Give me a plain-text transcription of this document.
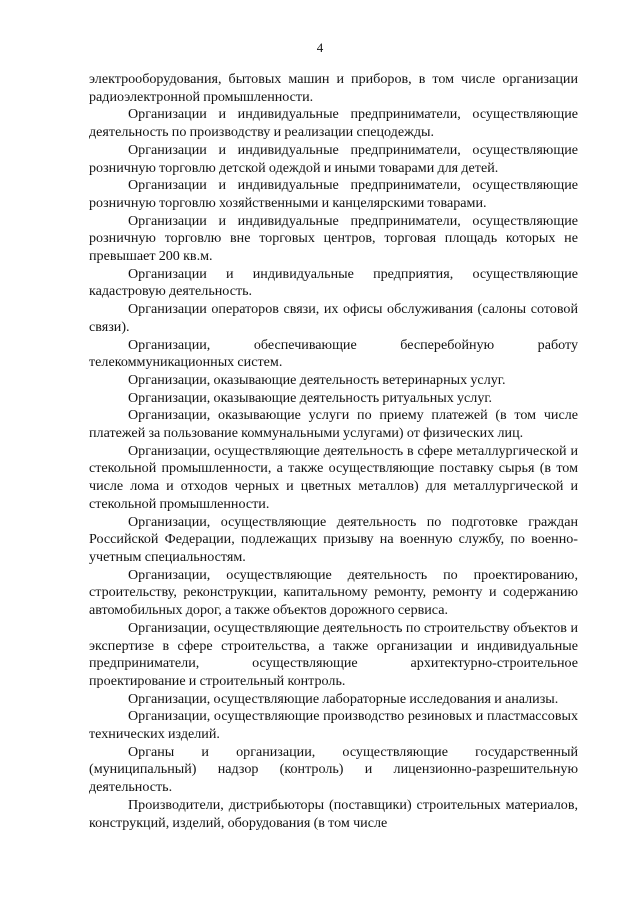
4

электрооборудования, бытовых машин и приборов, в том числе организации радиоэлектронной промышленности.

Организации и индивидуальные предприниматели, осуществляющие деятельность по производству и реализации спецодежды.

Организации и индивидуальные предприниматели, осуществляющие розничную торговлю детской одеждой и иными товарами для детей.

Организации и индивидуальные предприниматели, осуществляющие розничную торговлю хозяйственными и канцелярскими товарами.

Организации и индивидуальные предприниматели, осуществляющие розничную торговлю вне торговых центров, торговая площадь которых не превышает 200 кв.м.

Организации и индивидуальные предприятия, осуществляющие кадастровую деятельность.

Организации операторов связи, их офисы обслуживания (салоны сотовой связи).

Организации, обеспечивающие бесперебойную работу телекоммуникационных систем.

Организации, оказывающие деятельность ветеринарных услуг.

Организации, оказывающие деятельность ритуальных услуг.

Организации, оказывающие услуги по приему платежей (в том числе платежей за пользование коммунальными услугами) от физических лиц.

Организации, осуществляющие деятельность в сфере металлургической и стекольной промышленности, а также осуществляющие поставку сырья (в том числе лома и отходов черных и цветных металлов) для металлургической и стекольной промышленности.

Организации, осуществляющие деятельность по подготовке граждан Российской Федерации, подлежащих призыву на военную службу, по военно-учетным специальностям.

Организации, осуществляющие деятельность по проектированию, строительству, реконструкции, капитальному ремонту, ремонту и содержанию автомобильных дорог, а также объектов дорожного сервиса.

Организации, осуществляющие деятельность по строительству объектов и экспертизе в сфере строительства, а также организации и индивидуальные предприниматели, осуществляющие архитектурно-строительное проектирование и строительный контроль.

Организации, осуществляющие лабораторные исследования и анализы.

Организации, осуществляющие производство резиновых и пластмассовых технических изделий.

Органы и организации, осуществляющие государственный (муниципальный) надзор (контроль) и лицензионно-разрешительную деятельность.

Производители, дистрибьюторы (поставщики) строительных материалов, конструкций, изделий, оборудования (в том числе
